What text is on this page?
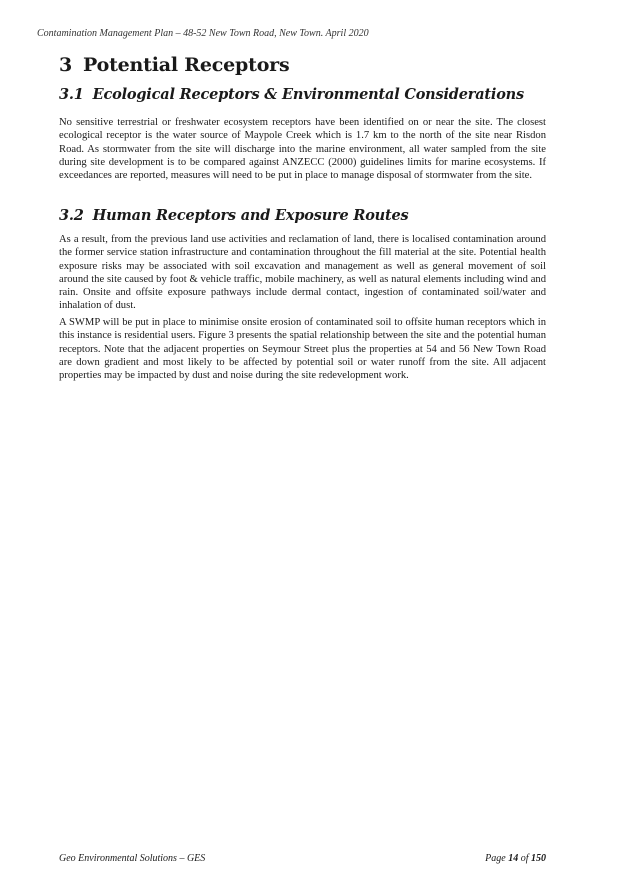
Contamination Management Plan – 48-52 New Town Road, New Town. April 2020
3 Potential Receptors
3.1 Ecological Receptors & Environmental Considerations

No sensitive terrestrial or freshwater ecosystem receptors have been identified on or near the site. The closest ecological receptor is the water source of Maypole Creek which is 1.7 km to the north of the site near Risdon Road. As stormwater from the site will discharge into the marine environment, all water sampled from the site during site development is to be compared against ANZECC (2000) guidelines limits for marine ecosystems. If exceedances are reported, measures will need to be put in place to manage disposal of stormwater from the site.

3.2 Human Receptors and Exposure Routes

As a result, from the previous land use activities and reclamation of land, there is localised contamination around the former service station infrastructure and contamination throughout the fill material at the site. Potential health exposure risks may be associated with soil excavation and management as well as general movement of soil around the site caused by foot & vehicle traffic, mobile machinery, as well as natural elements including wind and rain. Onsite and offsite exposure pathways include dermal contact, ingestion of contaminated soil/water and inhalation of dust.

A SWMP will be put in place to minimise onsite erosion of contaminated soil to offsite human receptors which in this instance is residential users. Figure 3 presents the spatial relationship between the site and the potential human receptors. Note that the adjacent properties on Seymour Street plus the properties at 54 and 56 New Town Road are down gradient and most likely to be affected by potential soil or water runoff from the site. All adjacent properties may be impacted by dust and noise during the site redevelopment work.

Geo Environmental Solutions – GES	Page 14 of 150
